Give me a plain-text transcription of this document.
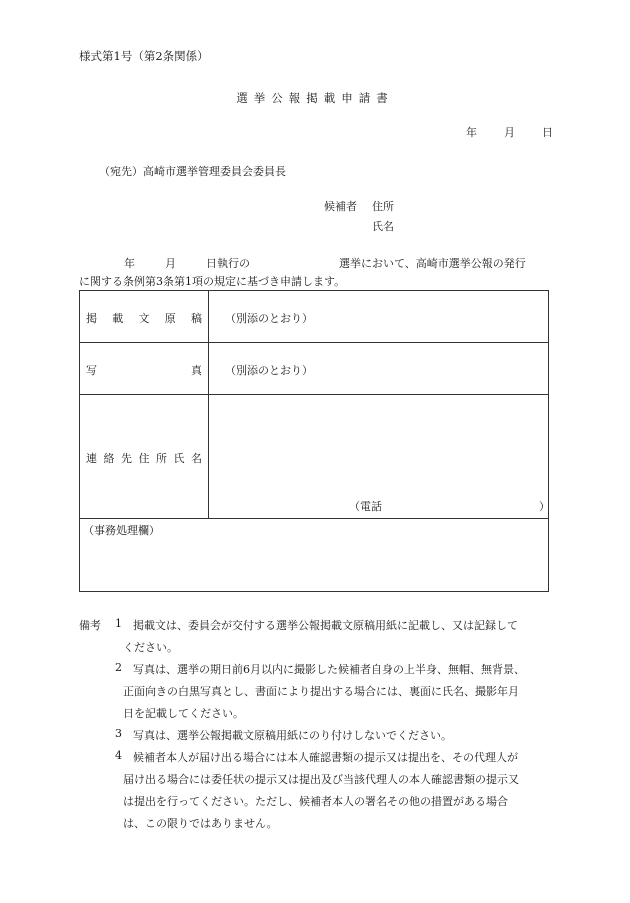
様式第1号（第2条関係）
選挙公報掲載申請書
年 月 日
（宛先）高崎市選挙管理委員会委員長
候補者 住所
氏名
年	月	日執行の	選挙において、高崎市選挙公報の発行
に関する条例第3条第1項の規定に基づき申請します。
掲 載 文 原 稿 （別添のとおり）
写	真 （別添のとおり）
連 絡 先 住 所 氏 名
（電話	）
（事務処理欄）
備考 1 掲載文は、委員会が交付する選挙公報掲載文原稿用紙に記載し、又は記録して
ください。
2 写真は、選挙の期日前6月以内に撮影した候補者自身の上半身、無帽、無背景、
正面向きの白黒写真とし、書面により提出する場合には、裏面に氏名、撮影年月
日を記載してください。
3 写真は、選挙公報掲載文原稿用紙にのり付けしないでください。
4 候補者本人が届け出る場合には本人確認書類の提示又は提出を、その代理人が
届け出る場合には委任状の提示又は提出及び当該代理人の本人確認書類の提示又
は提出を行ってください。ただし、候補者本人の署名その他の措置がある場合
は、この限りではありません。
